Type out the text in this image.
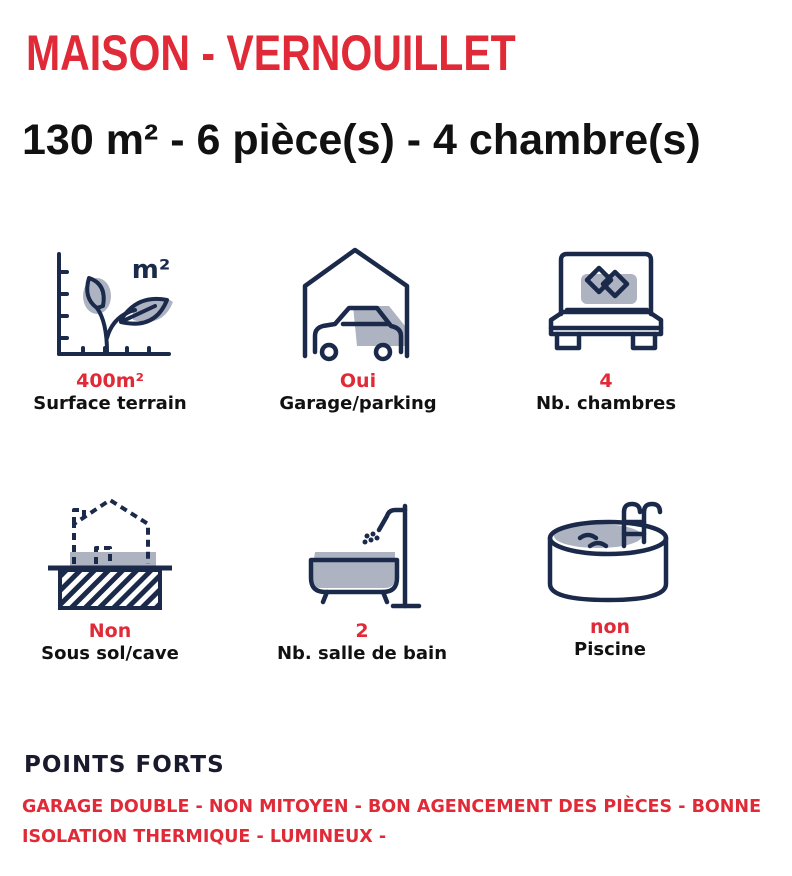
MAISON - VERNOUILLET
130 m² - 6 pièce(s) - 4 chambre(s)
m²
400m²
Surface terrain
Oui
Garage/parking
4
Nb. chambres
Non
Sous sol/cave
2
Nb. salle de bain
non
Piscine
POINTS FORTS

GARAGE DOUBLE - NON MITOYEN - BON AGENCEMENT DES PIÈCES - BONNE ISOLATION THERMIQUE - LUMINEUX -
